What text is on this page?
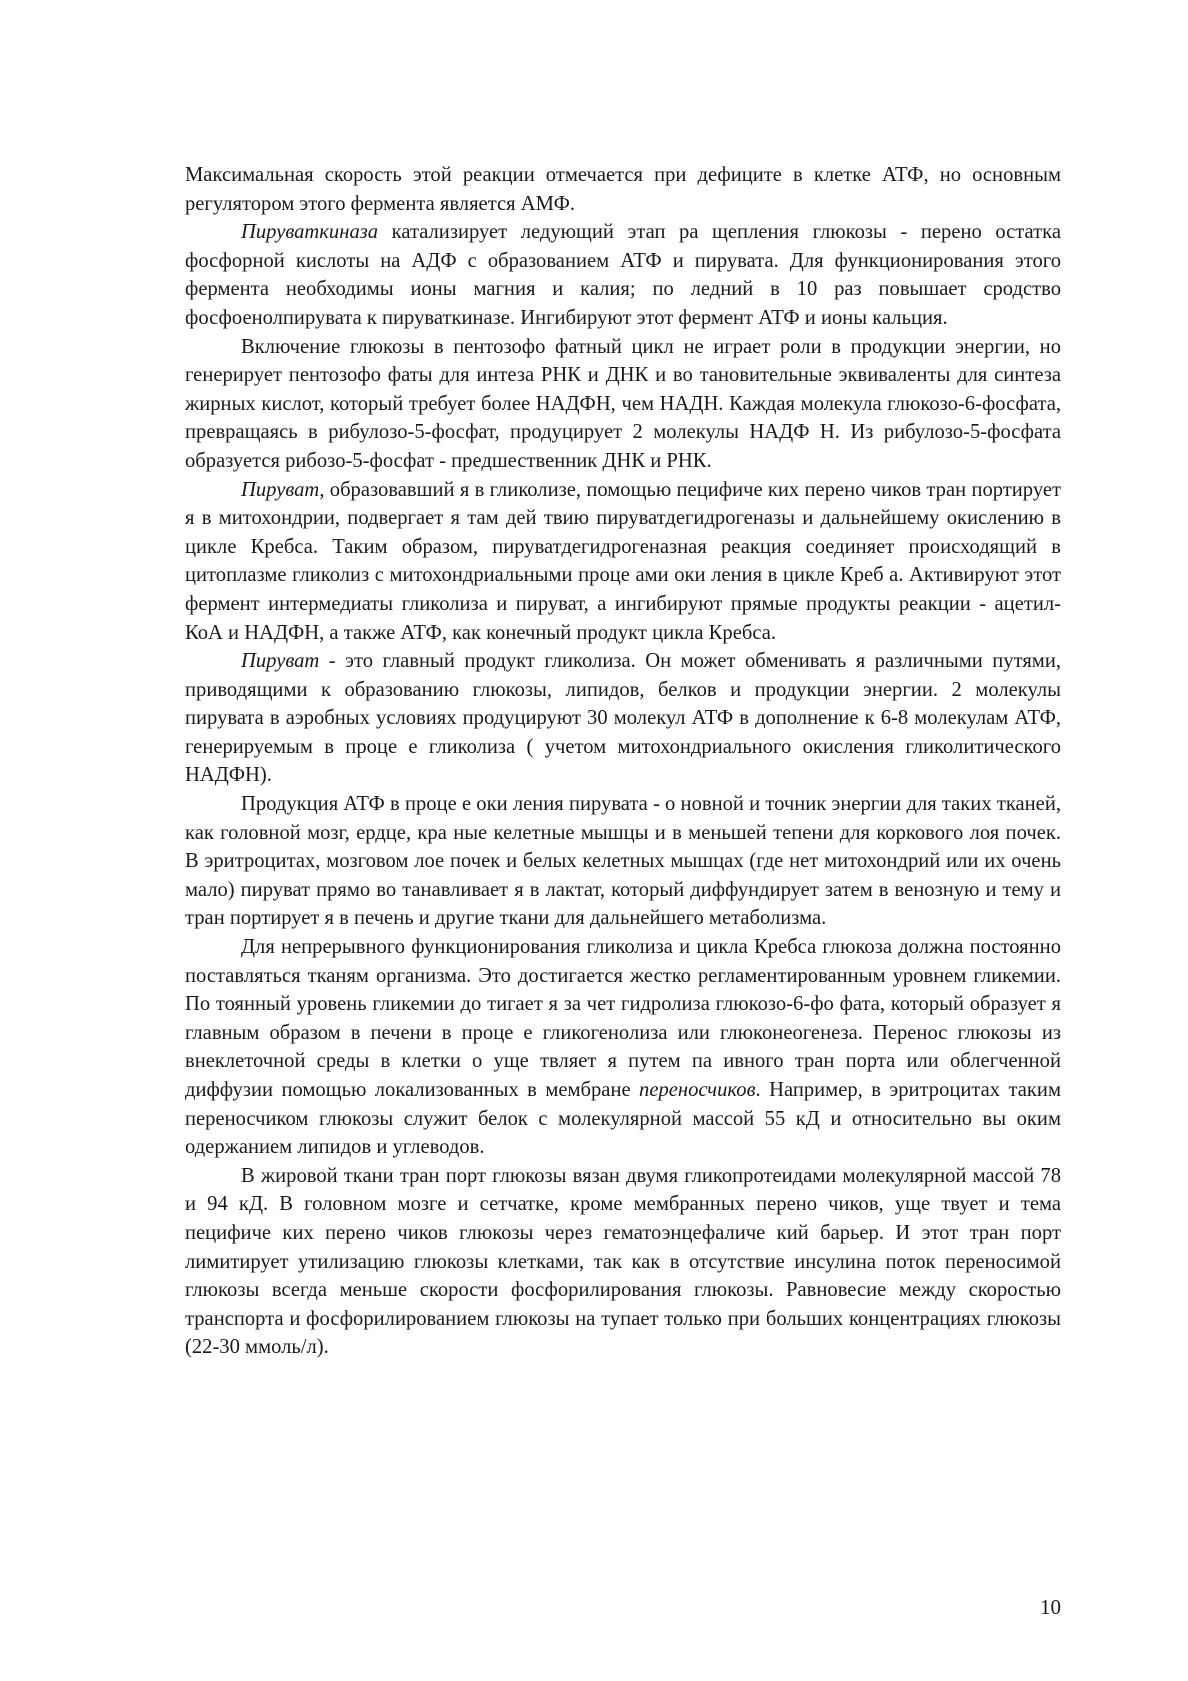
Максимальная скорость этой реакции отмечается при дефиците в клетке АТФ, но основным регулятором этого фермента является АМФ.

Пируваткиназа катализирует ледующий этап ра щепления глюкозы - перено остатка фосфорной кислоты на АДФ с образованием АТФ и пирувата. Для функционирования этого фермента необходимы ионы магния и калия; по ледний в 10 раз повышает сродство фосфоенолпирувата к пируваткиназе. Ингибируют этот фермент АТФ и ионы кальция.

Включение глюкозы в пентозофо фатный цикл не играет роли в продукции энергии, но генерирует пентозофо фаты для интеза РНК и ДНК и во тановительные эквиваленты для синтеза жирных кислот, который требует более НАДФН, чем НАДН. Каждая молекула глюкозо-6-фосфата, превращаясь в рибулозо-5-фосфат, продуцирует 2 молекулы НАДФ Н. Из рибулозо-5-фосфата образуется рибозо-5-фосфат - предшественник ДНК и РНК.

Пируват, образовавший я в гликолизе, помощью пецифиче ких перено чиков тран портирует я в митохондрии, подвергает я там дей твию пируватдегидрогеназы и дальнейшему окислению в цикле Кребса. Таким образом, пируватдегидрогеназная реакция соединяет происходящий в цитоплазме гликолиз с митохондриальными проце ами оки ления в цикле Креб а. Активируют этот фермент интермедиаты гликолиза и пируват, а ингибируют прямые продукты реакции - ацетил-КоА и НАДФН, а также АТФ, как конечный продукт цикла Кребса.

Пируват - это главный продукт гликолиза. Он может обменивать я различными путями, приводящими к образованию глюкозы, липидов, белков и продукции энергии. 2 молекулы пирувата в аэробных условиях продуцируют 30 молекул АТФ в дополнение к 6-8 молекулам АТФ, генерируемым в проце е гликолиза ( учетом митохондриального окисления гликолитического НАДФН).

Продукция АТФ в проце е оки ления пирувата - о новной и точник энергии для таких тканей, как головной мозг, ердце, кра ные келетные мышцы и в меньшей тепени для коркового лоя почек. В эритроцитах, мозговом лое почек и белых келетных мышцах (где нет митохондрий или их очень мало) пируват прямо во танавливает я в лактат, который диффундирует затем в венозную и тему и тран портирует я в печень и другие ткани для дальнейшего метаболизма.

Для непрерывного функционирования гликолиза и цикла Кребса глюкоза должна постоянно поставляться тканям организма. Это достигается жестко регламентированным уровнем гликемии. По тоянный уровень гликемии до тигает я за чет гидролиза глюкозо-6-фо фата, который образует я главным образом в печени в проце е гликогенолиза или глюконеогенеза. Перенос глюкозы из внеклеточной среды в клетки о уще твляет я путем па ивного тран порта или облегченной диффузии помощью локализованных в мембране переносчиков. Например, в эритроцитах таким переносчиком глюкозы служит белок с молекулярной массой 55 кД и относительно вы оким одержанием липидов и углеводов.

В жировой ткани тран порт глюкозы вязан двумя гликопротеидами молекулярной массой 78 и 94 кД. В головном мозге и сетчатке, кроме мембранных перено чиков, уще твует и тема пецифиче ких перено чиков глюкозы через гематоэнцефаличе кий барьер. И этот тран порт лимитирует утилизацию глюкозы клетками, так как в отсутствие инсулина поток переносимой глюкозы всегда меньше скорости фосфорилирования глюкозы. Равновесие между скоростью транспорта и фосфорилированием глюкозы на тупает только при больших концентрациях глюкозы (22-30 ммоль/л).

10
